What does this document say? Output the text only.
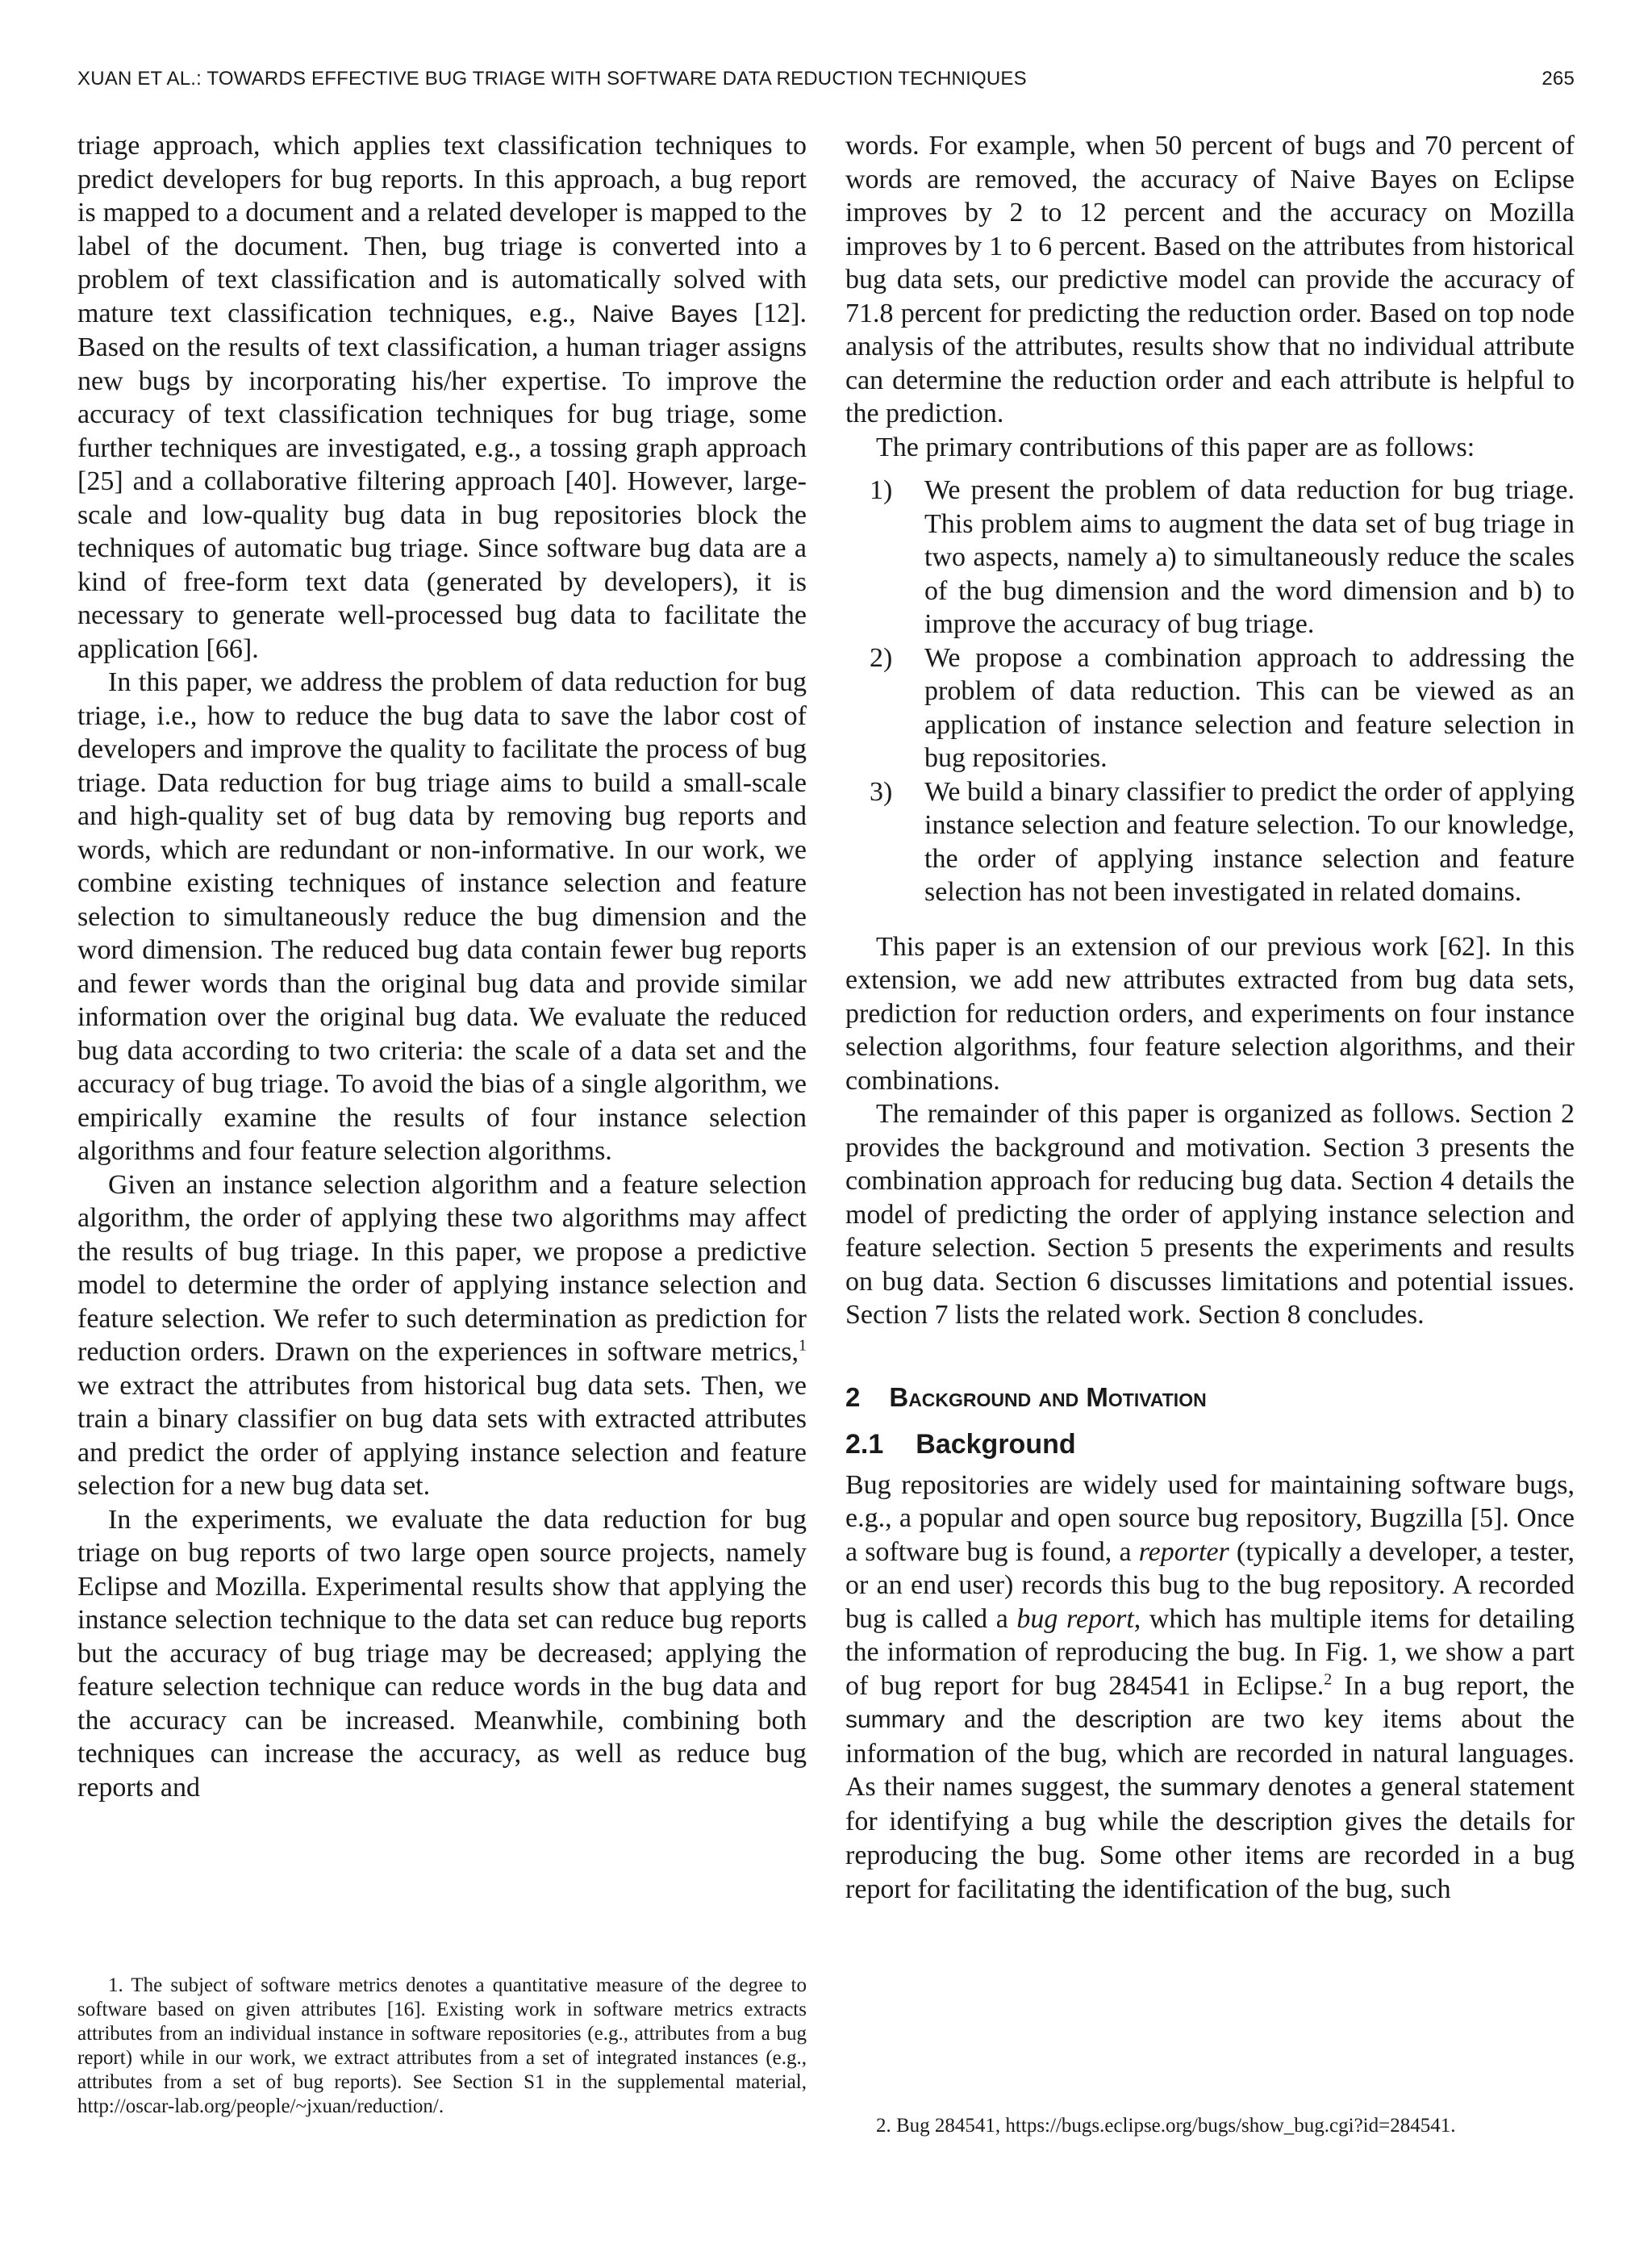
XUAN ET AL.: TOWARDS EFFECTIVE BUG TRIAGE WITH SOFTWARE DATA REDUCTION TECHNIQUES	265

triage approach, which applies text classification techniques to predict developers for bug reports. In this approach, a bug report is mapped to a document and a related developer is mapped to the label of the document. Then, bug triage is converted into a problem of text classification and is automatically solved with mature text classification techniques, e.g., Naive Bayes [12]. Based on the results of text classification, a human triager assigns new bugs by incorporating his/her expertise. To improve the accuracy of text classification techniques for bug triage, some further techniques are investigated, e.g., a tossing graph approach [25] and a collaborative filtering approach [40]. However, large-scale and low-quality bug data in bug repositories block the techniques of automatic bug triage. Since software bug data are a kind of free-form text data (generated by developers), it is necessary to generate well-processed bug data to facilitate the application [66].

In this paper, we address the problem of data reduction for bug triage, i.e., how to reduce the bug data to save the labor cost of developers and improve the quality to facilitate the process of bug triage. Data reduction for bug triage aims to build a small-scale and high-quality set of bug data by removing bug reports and words, which are redundant or non-informative. In our work, we combine existing techniques of instance selection and feature selection to simultaneously reduce the bug dimension and the word dimension. The reduced bug data contain fewer bug reports and fewer words than the original bug data and provide similar information over the original bug data. We evaluate the reduced bug data according to two criteria: the scale of a data set and the accuracy of bug triage. To avoid the bias of a single algorithm, we empirically examine the results of four instance selection algorithms and four feature selection algorithms.

Given an instance selection algorithm and a feature selection algorithm, the order of applying these two algorithms may affect the results of bug triage. In this paper, we propose a predictive model to determine the order of applying instance selection and feature selection. We refer to such determination as prediction for reduction orders. Drawn on the experiences in software metrics,$^1$ we extract the attributes from historical bug data sets. Then, we train a binary classifier on bug data sets with extracted attributes and predict the order of applying instance selection and feature selection for a new bug data set.

In the experiments, we evaluate the data reduction for bug triage on bug reports of two large open source projects, namely Eclipse and Mozilla. Experimental results show that applying the instance selection technique to the data set can reduce bug reports but the accuracy of bug triage may be decreased; applying the feature selection technique can reduce words in the bug data and the accuracy can be increased. Meanwhile, combining both techniques can increase the accuracy, as well as reduce bug reports and

1. The subject of software metrics denotes a quantitative measure of the degree to software based on given attributes [16]. Existing work in software metrics extracts attributes from an individual instance in software repositories (e.g., attributes from a bug report) while in our work, we extract attributes from a set of integrated instances (e.g., attributes from a set of bug reports). See Section S1 in the supplemental material, http://oscar-lab.org/people/~jxuan/reduction/.

words. For example, when 50 percent of bugs and 70 percent of words are removed, the accuracy of Naive Bayes on Eclipse improves by 2 to 12 percent and the accuracy on Mozilla improves by 1 to 6 percent. Based on the attributes from historical bug data sets, our predictive model can provide the accuracy of 71.8 percent for predicting the reduction order. Based on top node analysis of the attributes, results show that no individual attribute can determine the reduction order and each attribute is helpful to the prediction.

The primary contributions of this paper are as follows:

1)	We present the problem of data reduction for bug triage. This problem aims to augment the data set of bug triage in two aspects, namely a) to simultaneously reduce the scales of the bug dimension and the word dimension and b) to improve the accuracy of bug triage.
2)	We propose a combination approach to addressing the problem of data reduction. This can be viewed as an application of instance selection and feature selection in bug repositories.
3)	We build a binary classifier to predict the order of applying instance selection and feature selection. To our knowledge, the order of applying instance selection and feature selection has not been investigated in related domains.

This paper is an extension of our previous work [62]. In this extension, we add new attributes extracted from bug data sets, prediction for reduction orders, and experiments on four instance selection algorithms, four feature selection algorithms, and their combinations.

The remainder of this paper is organized as follows. Section 2 provides the background and motivation. Section 3 presents the combination approach for reducing bug data. Section 4 details the model of predicting the order of applying instance selection and feature selection. Section 5 presents the experiments and results on bug data. Section 6 discusses limitations and potential issues. Section 7 lists the related work. Section 8 concludes.

2 Background and Motivation
2.1 Background

Bug repositories are widely used for maintaining software bugs, e.g., a popular and open source bug repository, Bugzilla [5]. Once a software bug is found, a reporter (typically a developer, a tester, or an end user) records this bug to the bug repository. A recorded bug is called a bug report, which has multiple items for detailing the information of reproducing the bug. In Fig. 1, we show a part of bug report for bug 284541 in Eclipse.$^2$ In a bug report, the summary and the description are two key items about the information of the bug, which are recorded in natural languages. As their names suggest, the summary denotes a general statement for identifying a bug while the description gives the details for reproducing the bug. Some other items are recorded in a bug report for facilitating the identification of the bug, such

2. Bug 284541, https://bugs.eclipse.org/bugs/show_bug.cgi?id=284541.
